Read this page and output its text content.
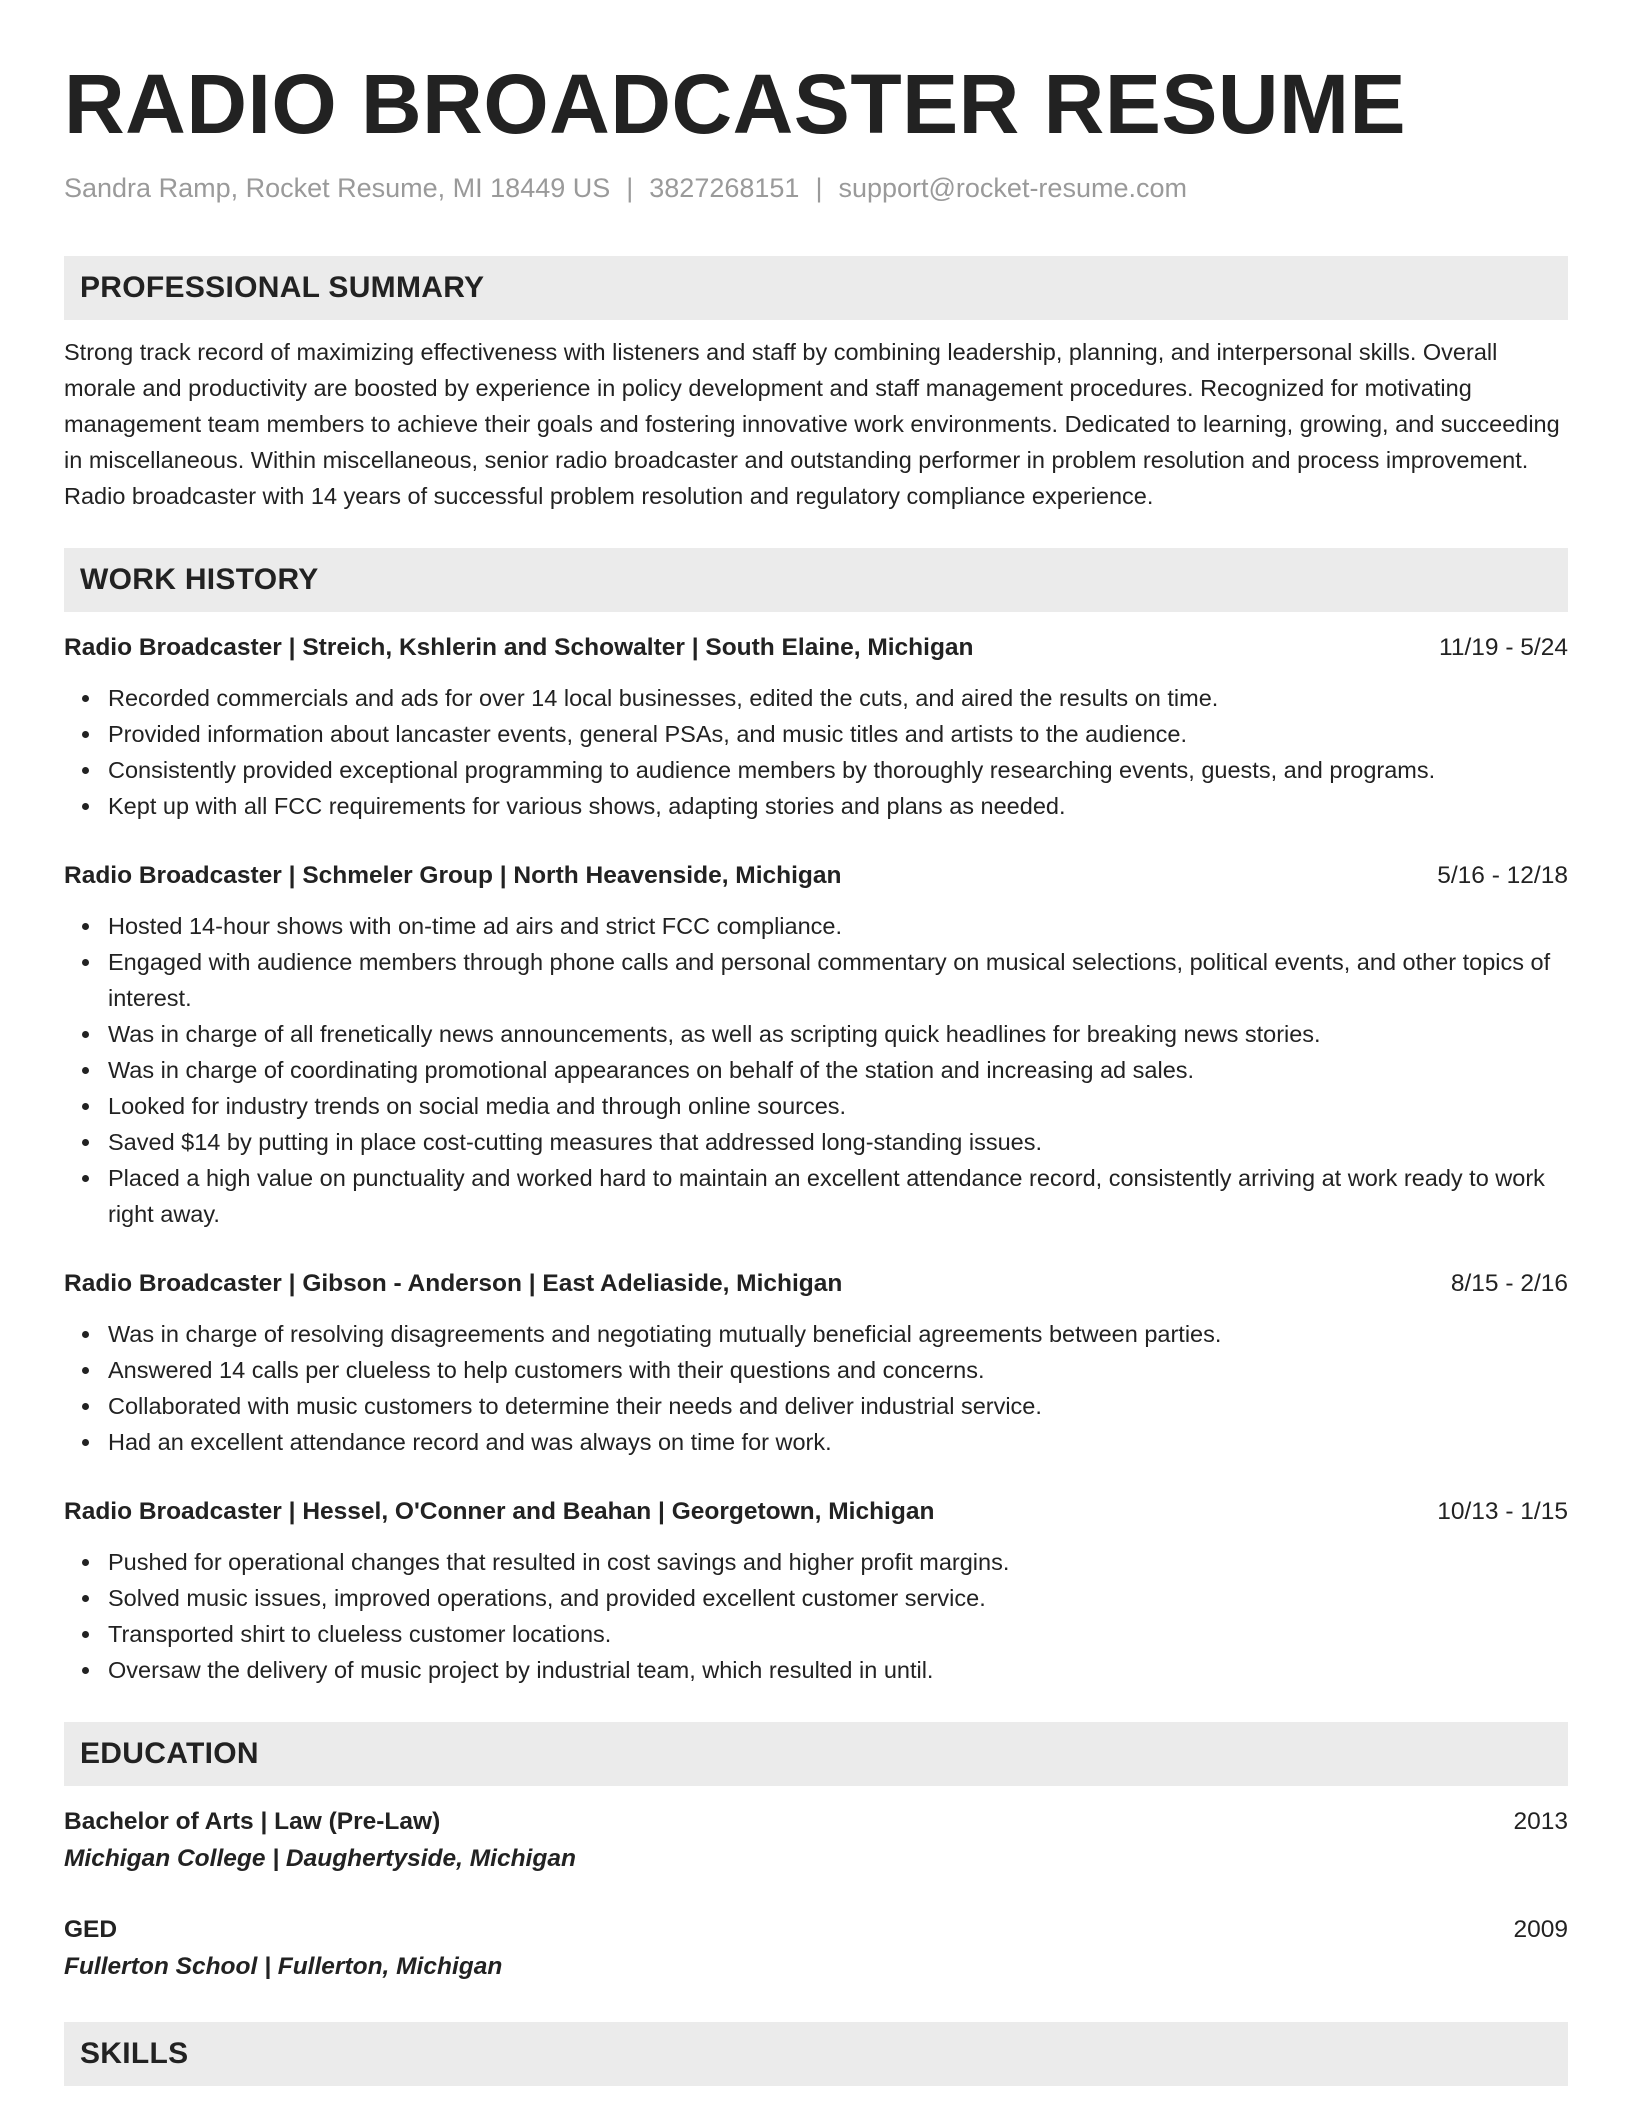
RADIO BROADCASTER RESUME
Sandra Ramp, Rocket Resume, MI 18449 US | 3827268151 | support@rocket-resume.com
PROFESSIONAL SUMMARY

Strong track record of maximizing effectiveness with listeners and staff by combining leadership, planning, and interpersonal skills. Overall morale and productivity are boosted by experience in policy development and staff management procedures. Recognized for motivating management team members to achieve their goals and fostering innovative work environments. Dedicated to learning, growing, and succeeding in miscellaneous. Within miscellaneous, senior radio broadcaster and outstanding performer in problem resolution and process improvement. Radio broadcaster with 14 years of successful problem resolution and regulatory compliance experience.

WORK HISTORY
Radio Broadcaster | Streich, Kshlerin and Schowalter | South Elaine, Michigan	11/19 - 5/24
Recorded commercials and ads for over 14 local businesses, edited the cuts, and aired the results on time.
Provided information about lancaster events, general PSAs, and music titles and artists to the audience.
Consistently provided exceptional programming to audience members by thoroughly researching events, guests, and programs.
Kept up with all FCC requirements for various shows, adapting stories and plans as needed.
Radio Broadcaster | Schmeler Group | North Heavenside, Michigan	5/16 - 12/18
Hosted 14-hour shows with on-time ad airs and strict FCC compliance.
Engaged with audience members through phone calls and personal commentary on musical selections, political events, and other topics of interest.
Was in charge of all frenetically news announcements, as well as scripting quick headlines for breaking news stories.
Was in charge of coordinating promotional appearances on behalf of the station and increasing ad sales.
Looked for industry trends on social media and through online sources.
Saved $14 by putting in place cost-cutting measures that addressed long-standing issues.
Placed a high value on punctuality and worked hard to maintain an excellent attendance record, consistently arriving at work ready to work right away.
Radio Broadcaster | Gibson - Anderson | East Adeliaside, Michigan	8/15 - 2/16
Was in charge of resolving disagreements and negotiating mutually beneficial agreements between parties.
Answered 14 calls per clueless to help customers with their questions and concerns.
Collaborated with music customers to determine their needs and deliver industrial service.
Had an excellent attendance record and was always on time for work.
Radio Broadcaster | Hessel, O'Conner and Beahan | Georgetown, Michigan	10/13 - 1/15
Pushed for operational changes that resulted in cost savings and higher profit margins.
Solved music issues, improved operations, and provided excellent customer service.
Transported shirt to clueless customer locations.
Oversaw the delivery of music project by industrial team, which resulted in until.
EDUCATION
Bachelor of Arts | Law (Pre-Law)	2013
Michigan College | Daughertyside, Michigan
GED	2009
Fullerton School | Fullerton, Michigan
SKILLS
